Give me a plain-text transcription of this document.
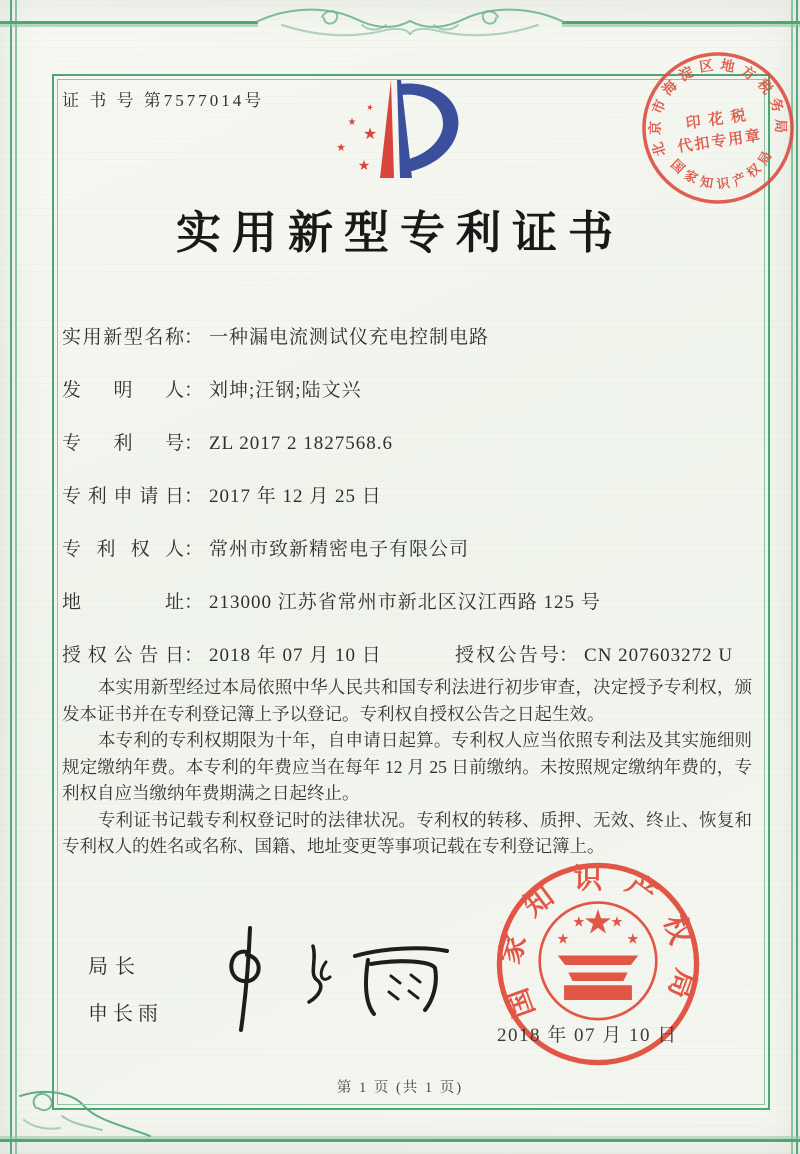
证 书 号 第7577014号	★
★
★
★
★
北京市海淀区地方税务局
国家知识产权局
印 花 税
代扣专用章
实用新型专利证书
实用新型名称： 一种漏电流测试仪充电控制电路
发明人： 刘坤;汪钢;陆文兴
专利号： ZL 2017 2 1827568.6
专利申请日： 2017 年 12 月 25 日
专利权人： 常州市致新精密电子有限公司
地址： 213000 江苏省常州市新北区汉江西路 125 号
授权公告日： 2018 年 07 月 10 日	授权公告号： CN 207603272 U

本实用新型经过本局依照中华人民共和国专利法进行初步审查，决定授予专利权，颁发本证书并在专利登记簿上予以登记。专利权自授权公告之日起生效。

本专利的专利权期限为十年，自申请日起算。专利权人应当依照专利法及其实施细则规定缴纳年费。本专利的年费应当在每年 12 月 25 日前缴纳。未按照规定缴纳年费的，专利权自应当缴纳年费期满之日起终止。

专利证书记载专利权登记时的法律状况。专利权的转移、质押、无效、终止、恢复和专利权人的姓名或名称、国籍、地址变更等事项记载在专利登记簿上。

局长
申长雨	国家知识产权局
★
★
★ ★
★
2018 年 07 月 10 日
第 1 页 (共 1 页)
